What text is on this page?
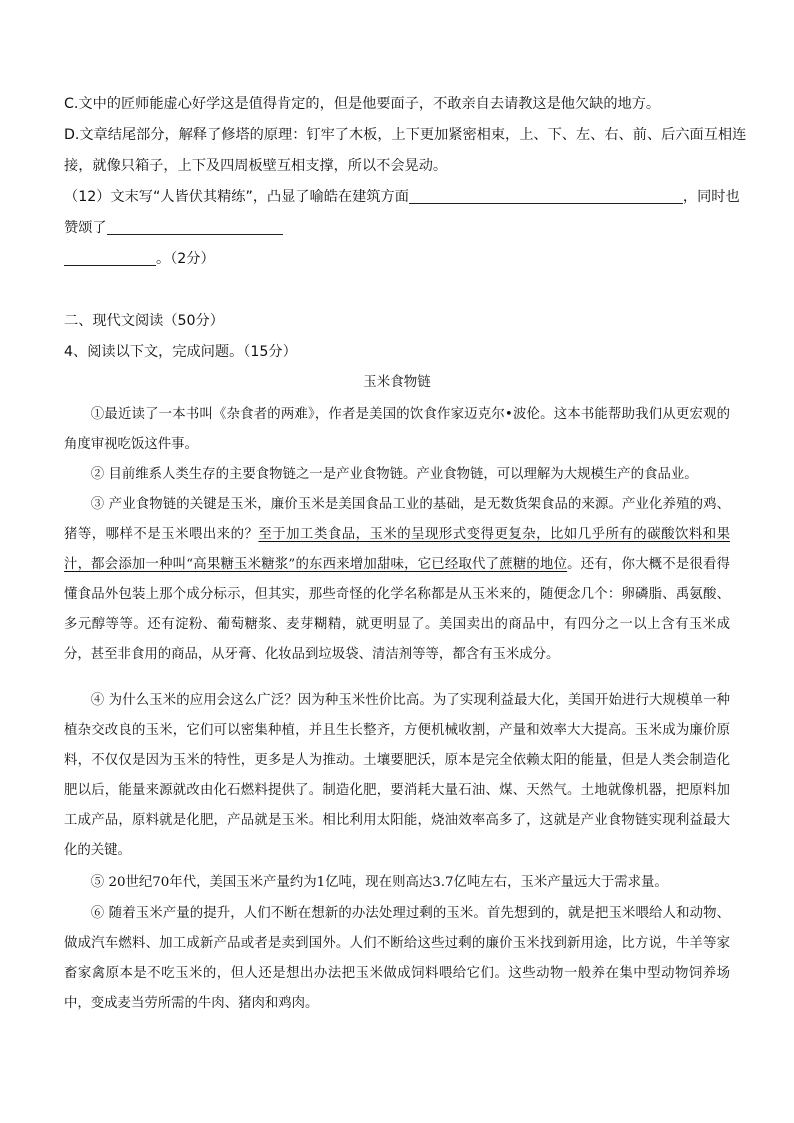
C.文中的匠师能虚心好学这是值得肯定的，但是他要面子，不敢亲自去请教这是他欠缺的地方。
D.文章结尾部分，解释了修塔的原理：钉牢了木板，上下更加紧密相束，上、下、左、右、前、后六面互相连
接，就像只箱子，上下及四周板壁互相支撑，所以不会晃动。
（12）文末写“人皆伏其精练”，凸显了喻皓在建筑方面	，同时也
赞颂了
。（2分）
二、现代文阅读（50分）
4、阅读以下文，完成问题。（15分）
玉米食物链
①最近读了一本书叫《杂食者的两难》，作者是美国的饮食作家迈克尔•波伦。这本书能帮助我们从更宏观的角度审视吃饭这件事。
② 目前维系人类生存的主要食物链之一是产业食物链。产业食物链，可以理解为大规模生产的食品业。
③ 产业食物链的关键是玉米，廉价玉米是美国食品工业的基础，是无数货架食品的来源。产业化养殖的鸡、猪等，哪样不是玉米喂出来的？至于加工类食品，玉米的呈现形式变得更复杂，比如几乎所有的碳酸饮料和果汁，都会添加一种叫“高果糖玉米糖浆”的东西来增加甜味，它已经取代了蔗糖的地位。还有，你大概不是很看得懂食品外包装上那个成分标示，但其实，那些奇怪的化学名称都是从玉米来的，随便念几个：卵磷脂、禹氨酸、多元醇等等。还有淀粉、葡萄糖浆、麦芽糊精，就更明显了。美国卖出的商品中，有四分之一以上含有玉米成分，甚至非食用的商品，从牙膏、化妆品到垃圾袋、清洁剂等等，都含有玉米成分。
④ 为什么玉米的应用会这么广泛？因为种玉米性价比高。为了实现利益最大化，美国开始进行大规模单一种植杂交改良的玉米，它们可以密集种植，并且生长整齐，方便机械收割，产量和效率大大提高。玉米成为廉价原料，不仅仅是因为玉米的特性，更多是人为推动。土壤要肥沃，原本是完全依赖太阳的能量，但是人类会制造化肥以后，能量来源就改由化石燃料提供了。制造化肥，要消耗大量石油、煤、天然气。土地就像机器，把原料加工成产品，原料就是化肥，产品就是玉米。相比利用太阳能，烧油效率高多了，这就是产业食物链实现利益最大化的关键。
⑤ 20世纪70年代，美国玉米产量约为1亿吨，现在则高达3.7亿吨左右，玉米产量远大于需求量。
⑥ 随着玉米产量的提升，人们不断在想新的办法处理过剩的玉米。首先想到的，就是把玉米喂给人和动物、做成汽车燃料、加工成新产品或者是卖到国外。人们不断给这些过剩的廉价玉米找到新用途，比方说，牛羊等家畜家禽原本是不吃玉米的，但人还是想出办法把玉米做成饲料喂给它们。这些动物一般养在集中型动物饲养场中，变成麦当劳所需的牛肉、猪肉和鸡肉。
